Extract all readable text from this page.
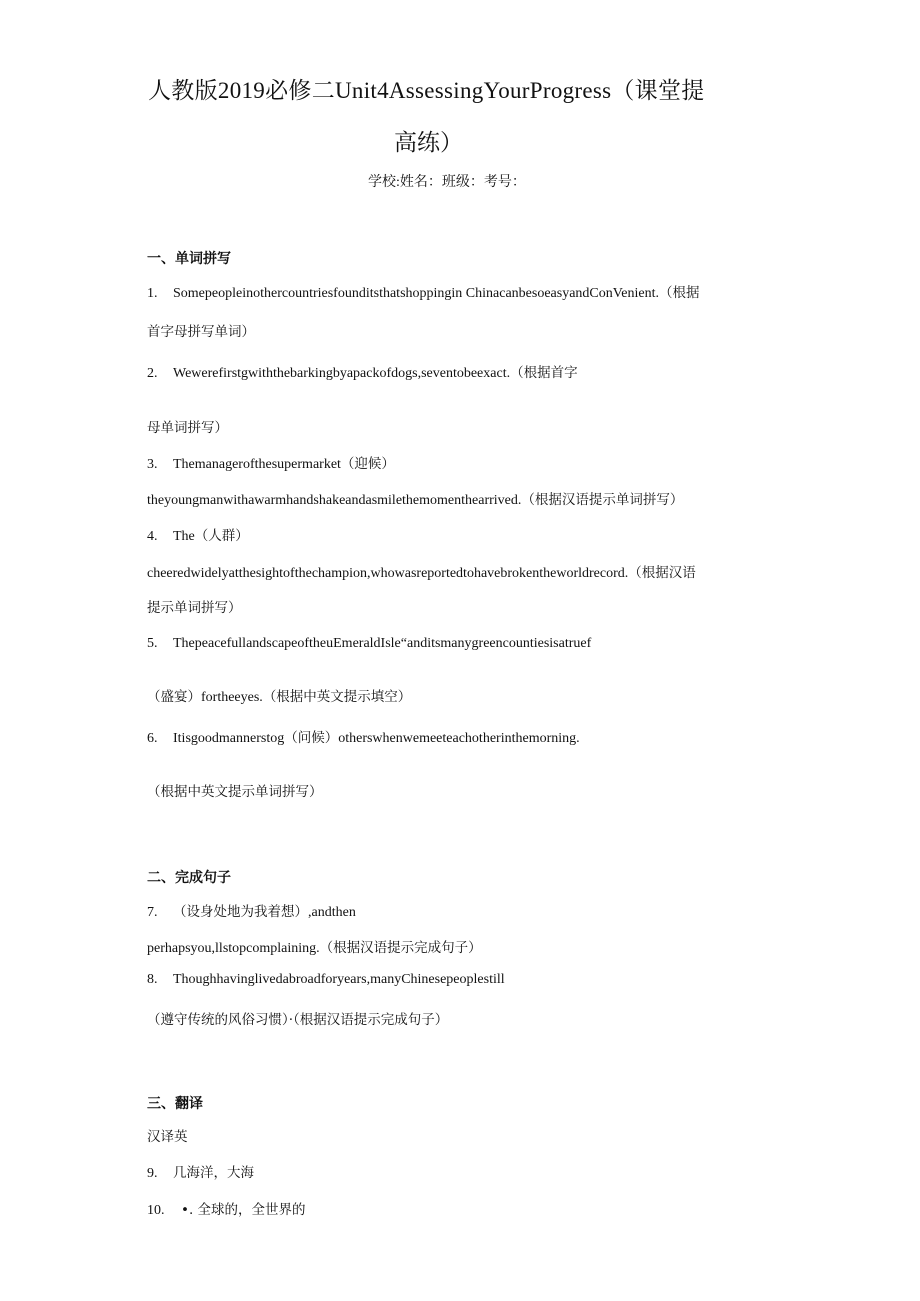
人教版2019必修二Unit4AssessingYourProgress（课堂提
高练）
学校:姓名：班级：考号：
一、单词拼写
1. Somepeopleinothercountriesfounditsthatshoppingin ChinacanbesoeasyandConVenient.（根据
首字母拼写单词）
2. Wewerefirstgwiththebarkingbyapackofdogs,seventobeexact.（根据首字
母单词拼写）
3. Themanagerofthesupermarket（迎候）
theyoungmanwithawarmhandshakeandasmilethemomenthearrived.（根据汉语提示单词拼写）
4. The（人群）
cheeredwidelyatthesightofthechampion,whowasreportedtohavebrokentheworldrecord.（根据汉语
提示单词拼写）
5. ThepeacefullandscapeoftheuEmeraldIsle“anditsmanygreencountiesisatruef
（盛宴）fortheeyes.（根据中英文提示填空）
6. Itisgoodmannerstog（问候）otherswhenwemeeteachotherinthemorning.
（根据中英文提示单词拼写）
二、完成句子
7. （设身处地为我着想）,andthen
perhapsyou,llstopcomplaining.（根据汉语提示完成句子）
8. Thoughhavinglivedabroadforyears,manyChinesepeoplestill
（遵守传统的风俗习惯）·（根据汉语提示完成句子）
三、翻译
汉译英
9. 几海洋，大海
10. •. 全球的，全世界的
